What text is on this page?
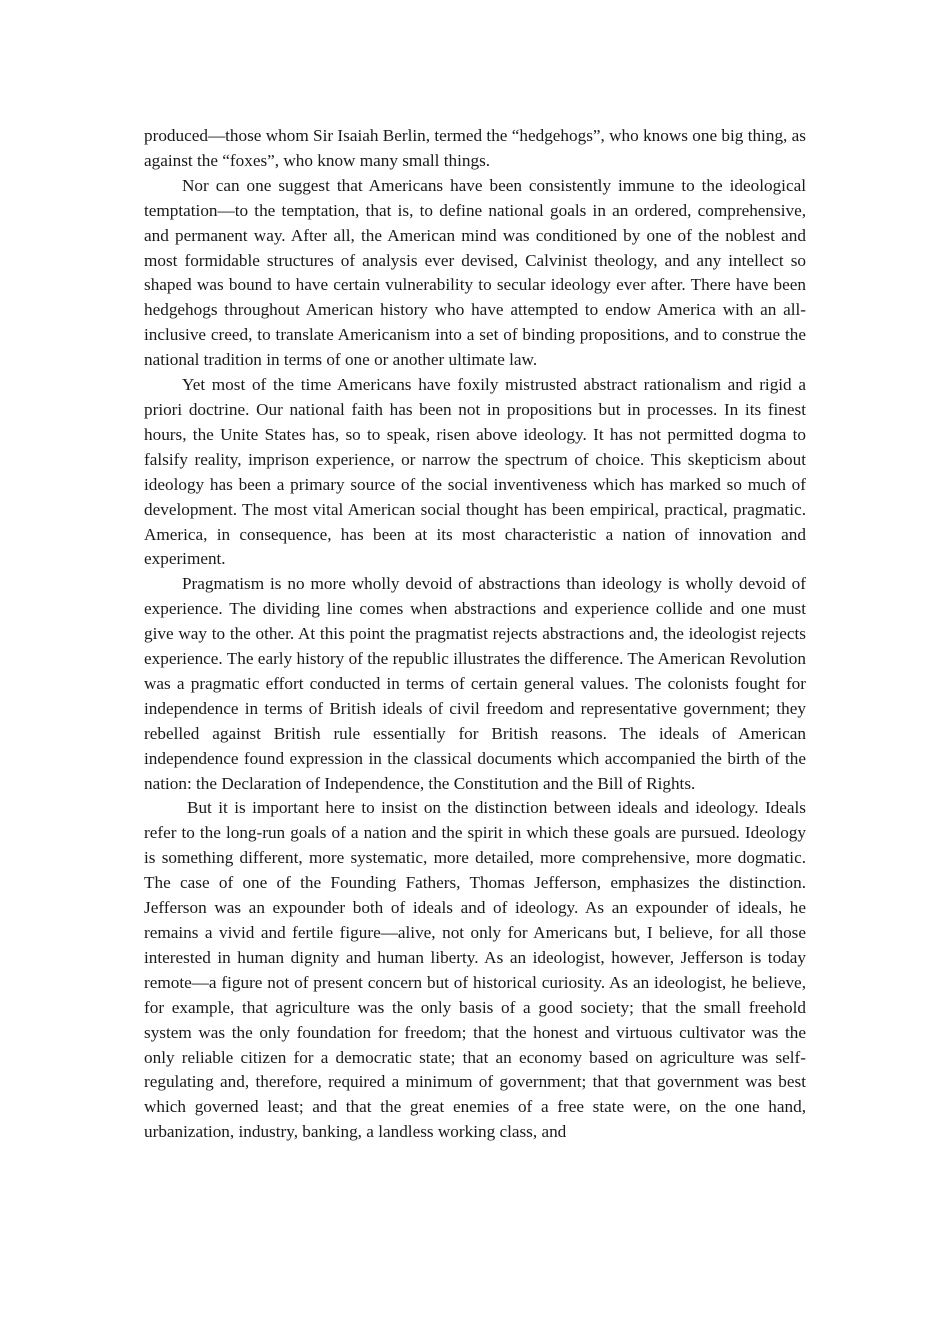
produced—those whom Sir Isaiah Berlin, termed the “hedgehogs”, who knows one big thing, as against the “foxes”, who know many small things.

Nor can one suggest that Americans have been consistently immune to the ideological temptation—to the temptation, that is, to define national goals in an ordered, comprehensive, and permanent way. After all, the American mind was conditioned by one of the noblest and most formidable structures of analysis ever devised, Calvinist theology, and any intellect so shaped was bound to have certain vulnerability to secular ideology ever after. There have been hedgehogs throughout American history who have attempted to endow America with an all-inclusive creed, to translate Americanism into a set of binding propositions, and to construe the national tradition in terms of one or another ultimate law.

Yet most of the time Americans have foxily mistrusted abstract rationalism and rigid a priori doctrine. Our national faith has been not in propositions but in processes. In its finest hours, the Unite States has, so to speak, risen above ideology. It has not permitted dogma to falsify reality, imprison experience, or narrow the spectrum of choice. This skepticism about ideology has been a primary source of the social inventiveness which has marked so much of development. The most vital American social thought has been empirical, practical, pragmatic. America, in consequence, has been at its most characteristic a nation of innovation and experiment.

Pragmatism is no more wholly devoid of abstractions than ideology is wholly devoid of experience. The dividing line comes when abstractions and experience collide and one must give way to the other. At this point the pragmatist rejects abstractions and, the ideologist rejects experience. The early history of the republic illustrates the difference. The American Revolution was a pragmatic effort conducted in terms of certain general values. The colonists fought for independence in terms of British ideals of civil freedom and representative government; they rebelled against British rule essentially for British reasons. The ideals of American independence found expression in the classical documents which accompanied the birth of the nation: the Declaration of Independence, the Constitution and the Bill of Rights.

But it is important here to insist on the distinction between ideals and ideology. Ideals refer to the long-run goals of a nation and the spirit in which these goals are pursued. Ideology is something different, more systematic, more detailed, more comprehensive, more dogmatic. The case of one of the Founding Fathers, Thomas Jefferson, emphasizes the distinction. Jefferson was an expounder both of ideals and of ideology. As an expounder of ideals, he remains a vivid and fertile figure—alive, not only for Americans but, I believe, for all those interested in human dignity and human liberty. As an ideologist, however, Jefferson is today remote—a figure not of present concern but of historical curiosity. As an ideologist, he believe, for example, that agriculture was the only basis of a good society; that the small freehold system was the only foundation for freedom; that the honest and virtuous cultivator was the only reliable citizen for a democratic state; that an economy based on agriculture was self-regulating and, therefore, required a minimum of government; that that government was best which governed least; and that the great enemies of a free state were, on the one hand, urbanization, industry, banking, a landless working class, and
